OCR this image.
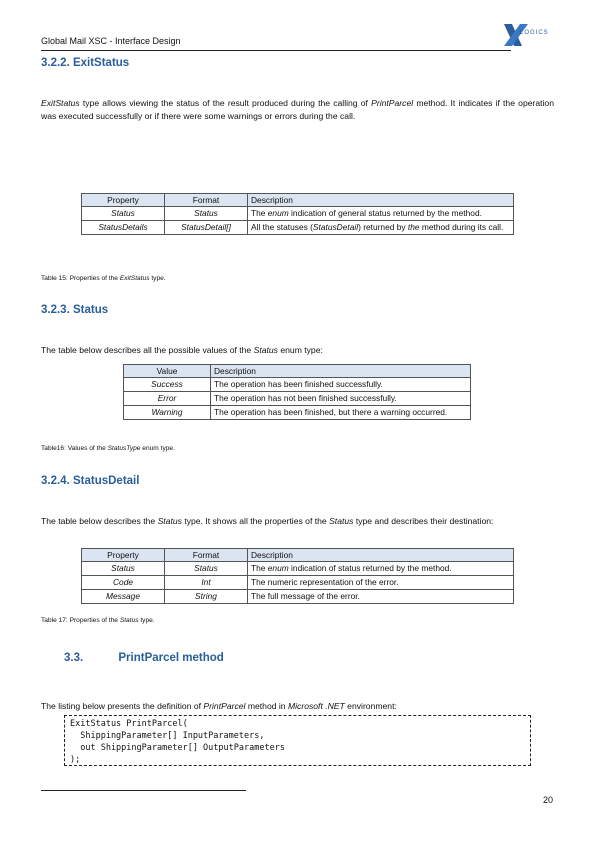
Global Mail XSC - Interface Design
LOGICS
3.2.2. ExitStatus
ExitStatus type allows viewing the status of the result produced during the calling of PrintParcel method. It indicates if the operation was executed successfully or if there were some warnings or errors during the call.
Property	Format	Description
Status	Status	The enum indication of general status returned by the method.
StatusDetails	StatusDetail[]	All the statuses (StatusDetail) returned by the method during its call.
Table 15: Properties of the ExitStatus type.
3.2.3. Status
The table below describes all the possible values of the Status enum type:
Value	Description
Success	The operation has been finished successfully.
Error	The operation has not been finished successfully.
Warning	The operation has been finished, but there a warning occurred.
Table16: Values of the StatusType enum type.
3.2.4. StatusDetail
The table below describes the Status type. It shows all the properties of the Status type and describes their destination:
Property	Format	Description
Status	Status	The enum indication of status returned by the method.
Code	Int	The numeric representation of the error.
Message	String	The full message of the error.
Table 17: Properties of the Status type.
3.3.	PrintParcel method
The listing below presents the definition of PrintParcel method in Microsoft .NET environment:
ExitStatus PrintParcel(
ShippingParameter[] InputParameters,
out ShippingParameter[] OutputParameters
);
20
